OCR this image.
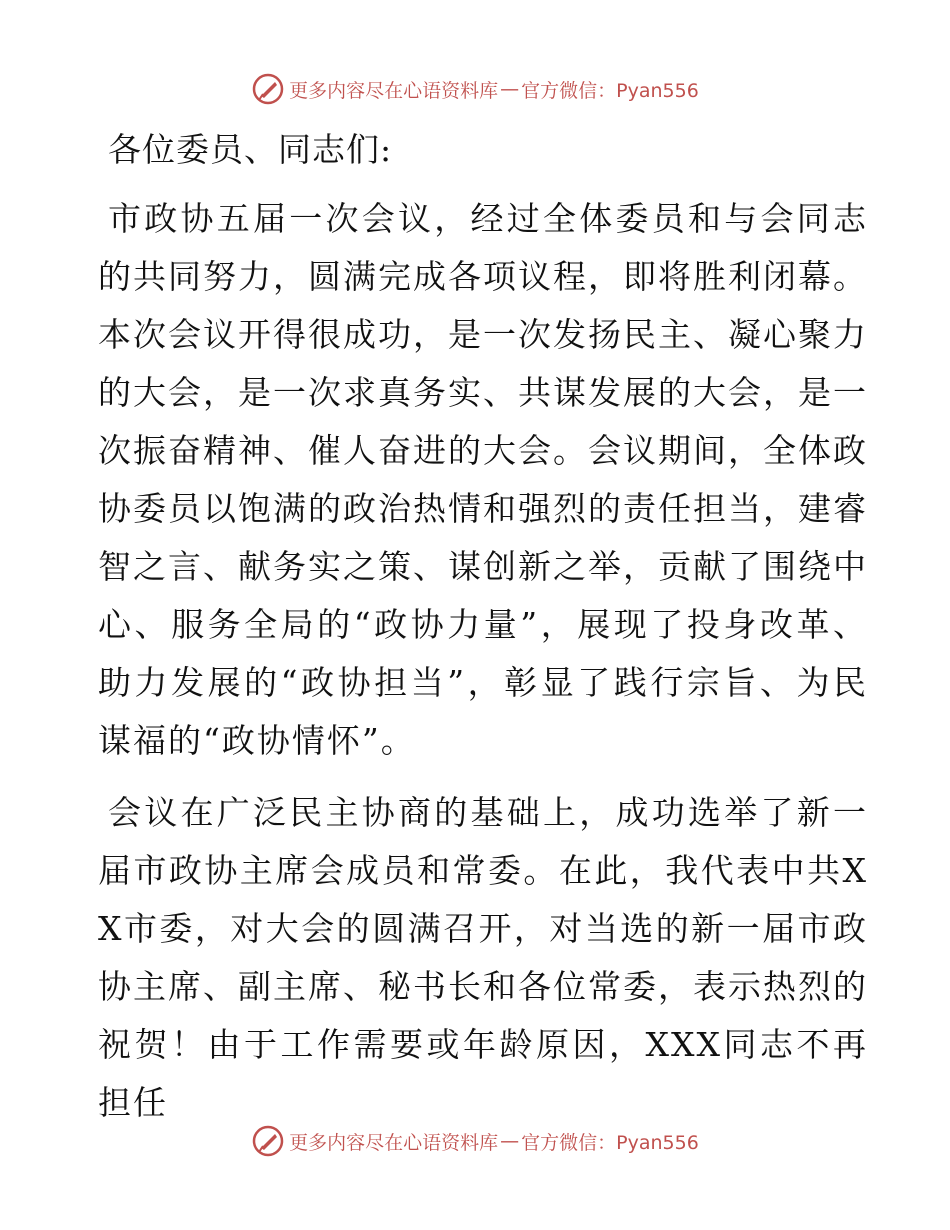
更多内容尽在心语资料库 — 官方微信：Pyan556

各位委员、同志们:

市政协五届一次会议，经过全体委员和与会同志的共同努力，圆满完成各项议程，即将胜利闭幕。本次会议开得很成功，是一次发扬民主、凝心聚力的大会，是一次求真务实、共谋发展的大会，是一次振奋精神、催人奋进的大会。会议期间，全体政协委员以饱满的政治热情和强烈的责任担当，建睿智之言、献务实之策、谋创新之举，贡献了围绕中心、服务全局的“政协力量”，展现了投身改革、助力发展的“政协担当”，彰显了践行宗旨、为民谋福的“政协情怀”。

会议在广泛民主协商的基础上，成功选举了新一届市政协主席会成员和常委。在此，我代表中共XX市委，对大会的圆满召开，对当选的新一届市政协主席、副主席、秘书长和各位常委，表示热烈的祝贺！由于工作需要或年龄原因，XXX同志不再担任

更多内容尽在心语资料库 — 官方微信：Pyan556
